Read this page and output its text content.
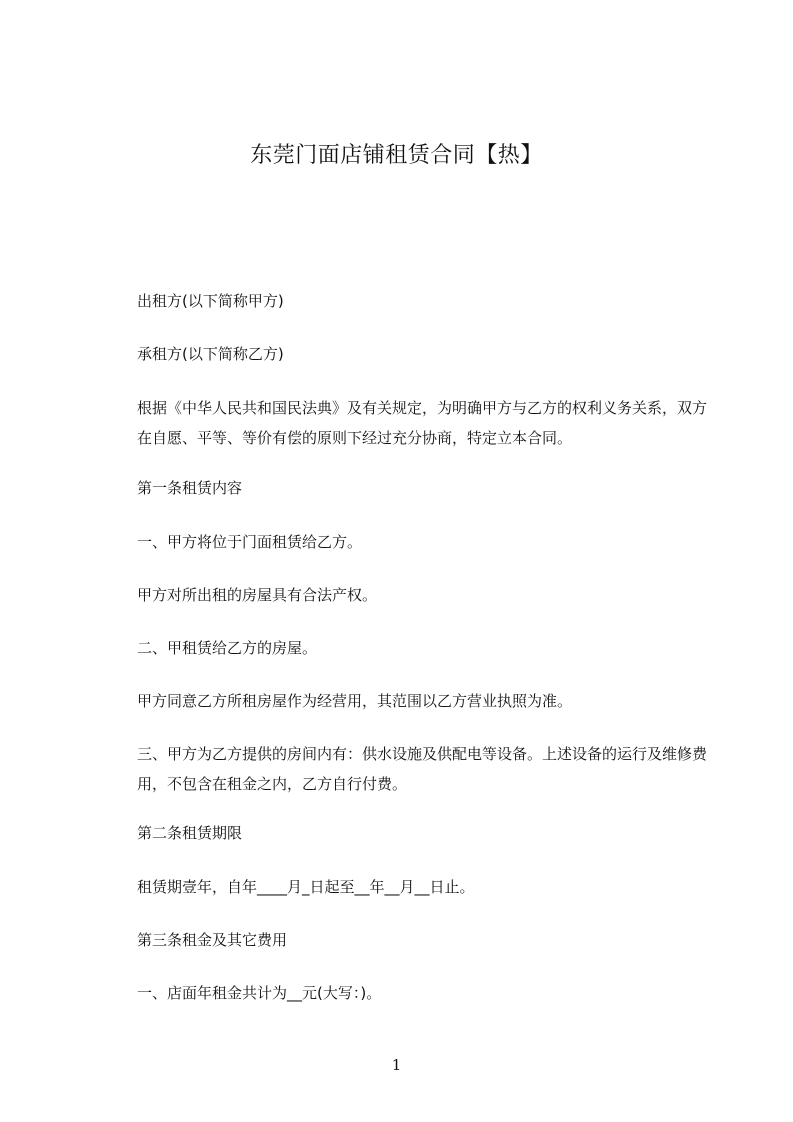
东莞门面店铺租赁合同【热】
出租方(以下简称甲方)
承租方(以下简称乙方)
根据《中华人民共和国民法典》及有关规定，为明确甲方与乙方的权利义务关系，双方在自愿、平等、等价有偿的原则下经过充分协商，特定立本合同。
第一条租赁内容
一、甲方将位于门面租赁给乙方。
甲方对所出租的房屋具有合法产权。
二、甲租赁给乙方的房屋。
甲方同意乙方所租房屋作为经营用，其范围以乙方营业执照为准。
三、甲方为乙方提供的房间内有：供水设施及供配电等设备。上述设备的运行及维修费用，不包含在租金之内，乙方自行付费。
第二条租赁期限
租赁期壹年，自年____月_日起至__年__月__日止。
第三条租金及其它费用
一、店面年租金共计为__元(大写：)。
1
